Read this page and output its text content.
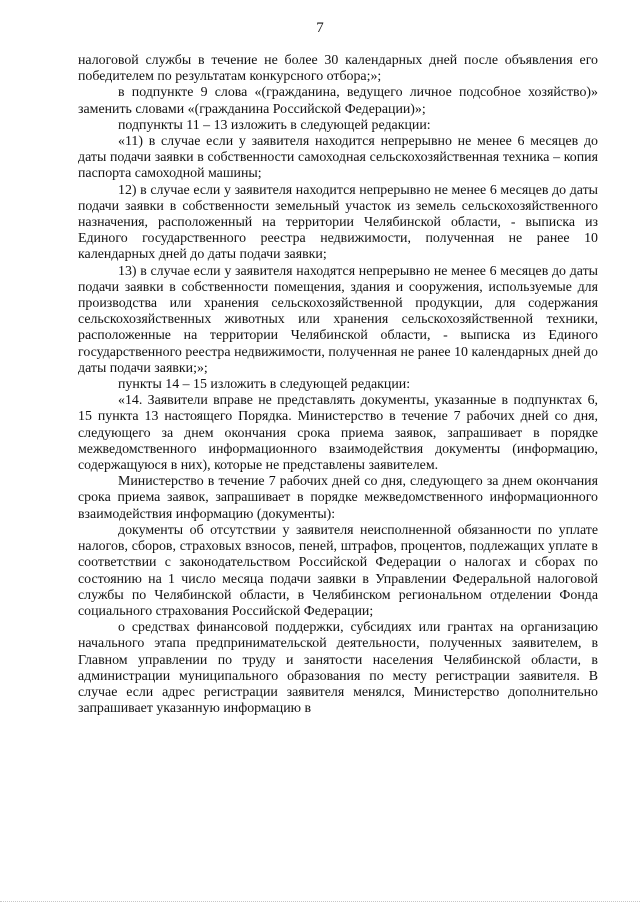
7

налоговой службы в течение не более 30 календарных дней после объявления его победителем по результатам конкурсного отбора;»;

в подпункте 9 слова «(гражданина, ведущего личное подсобное хозяйство)» заменить словами «(гражданина Российской Федерации)»;

подпункты 11 – 13 изложить в следующей редакции:

«11) в случае если у заявителя находится непрерывно не менее 6 месяцев до даты подачи заявки в собственности самоходная сельскохозяйственная техника – копия паспорта самоходной машины;

12) в случае если у заявителя находится непрерывно не менее 6 месяцев до даты подачи заявки в собственности земельный участок из земель сельскохозяйственного назначения, расположенный на территории Челябинской области, - выписка из Единого государственного реестра недвижимости, полученная не ранее 10 календарных дней до даты подачи заявки;

13) в случае если у заявителя находятся непрерывно не менее 6 месяцев до даты подачи заявки в собственности помещения, здания и сооружения, используемые для производства или хранения сельскохозяйственной продукции, для содержания сельскохозяйственных животных или хранения сельскохозяйственной техники, расположенные на территории Челябинской области, - выписка из Единого государственного реестра недвижимости, полученная не ранее 10 календарных дней до даты подачи заявки;»;

пункты 14 – 15 изложить в следующей редакции:

«14. Заявители вправе не представлять документы, указанные в подпунктах 6, 15 пункта 13 настоящего Порядка. Министерство в течение 7 рабочих дней со дня, следующего за днем окончания срока приема заявок, запрашивает в порядке межведомственного информационного взаимодействия документы (информацию, содержащуюся в них), которые не представлены заявителем.

Министерство в течение 7 рабочих дней со дня, следующего за днем окончания срока приема заявок, запрашивает в порядке межведомственного информационного взаимодействия информацию (документы):

документы об отсутствии у заявителя неисполненной обязанности по уплате налогов, сборов, страховых взносов, пеней, штрафов, процентов, подлежащих уплате в соответствии с законодательством Российской Федерации о налогах и сборах по состоянию на 1 число месяца подачи заявки в Управлении Федеральной налоговой службы по Челябинской области, в Челябинском региональном отделении Фонда социального страхования Российской Федерации;

о средствах финансовой поддержки, субсидиях или грантах на организацию начального этапа предпринимательской деятельности, полученных заявителем, в Главном управлении по труду и занятости населения Челябинской области, в администрации муниципального образования по месту регистрации заявителя. В случае если адрес регистрации заявителя менялся, Министерство дополнительно запрашивает указанную информацию в
